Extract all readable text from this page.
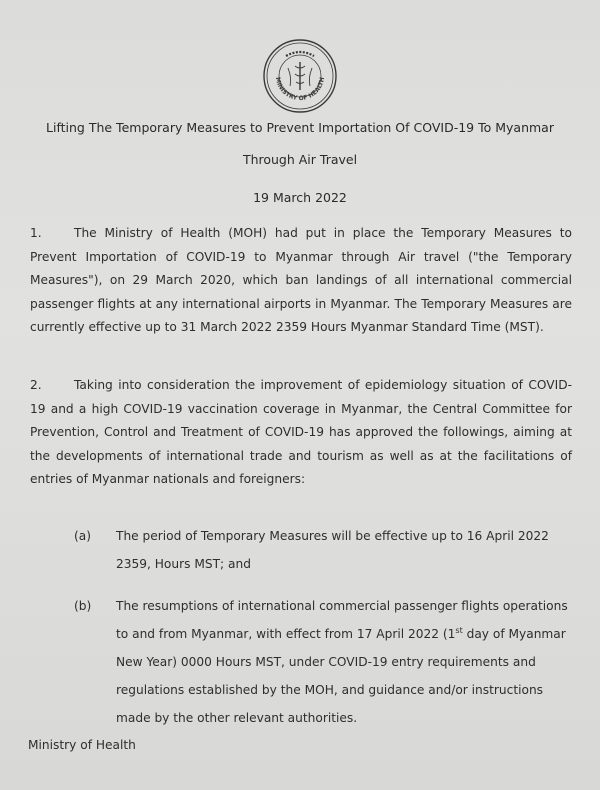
MINISTRY OF HEALTH
Lifting The Temporary Measures to Prevent Importation Of COVID-19 To Myanmar
Through Air Travel
19 March 2022
1.	The Ministry of Health (MOH) had put in place the Temporary Measures to Prevent Importation of COVID-19 to Myanmar through Air travel ("the Temporary Measures"), on 29 March 2020, which ban landings of all international commercial passenger flights at any international airports in Myanmar. The Temporary Measures are currently effective up to 31 March 2022 2359 Hours Myanmar Standard Time (MST).
2.	Taking into consideration the improvement of epidemiology situation of COVID-19 and a high COVID-19 vaccination coverage in Myanmar, the Central Committee for Prevention, Control and Treatment of COVID-19 has approved the followings, aiming at the developments of international trade and tourism as well as at the facilitations of entries of Myanmar nationals and foreigners:
(a)	The period of Temporary Measures will be effective up to 16 April 2022 2359, Hours MST; and
(b)	The resumptions of international commercial passenger flights operations to and from Myanmar, with effect from 17 April 2022 (1st day of Myanmar New Year) 0000 Hours MST, under COVID-19 entry requirements and regulations established by the MOH, and guidance and/or instructions made by the other relevant authorities.
Ministry of Health
